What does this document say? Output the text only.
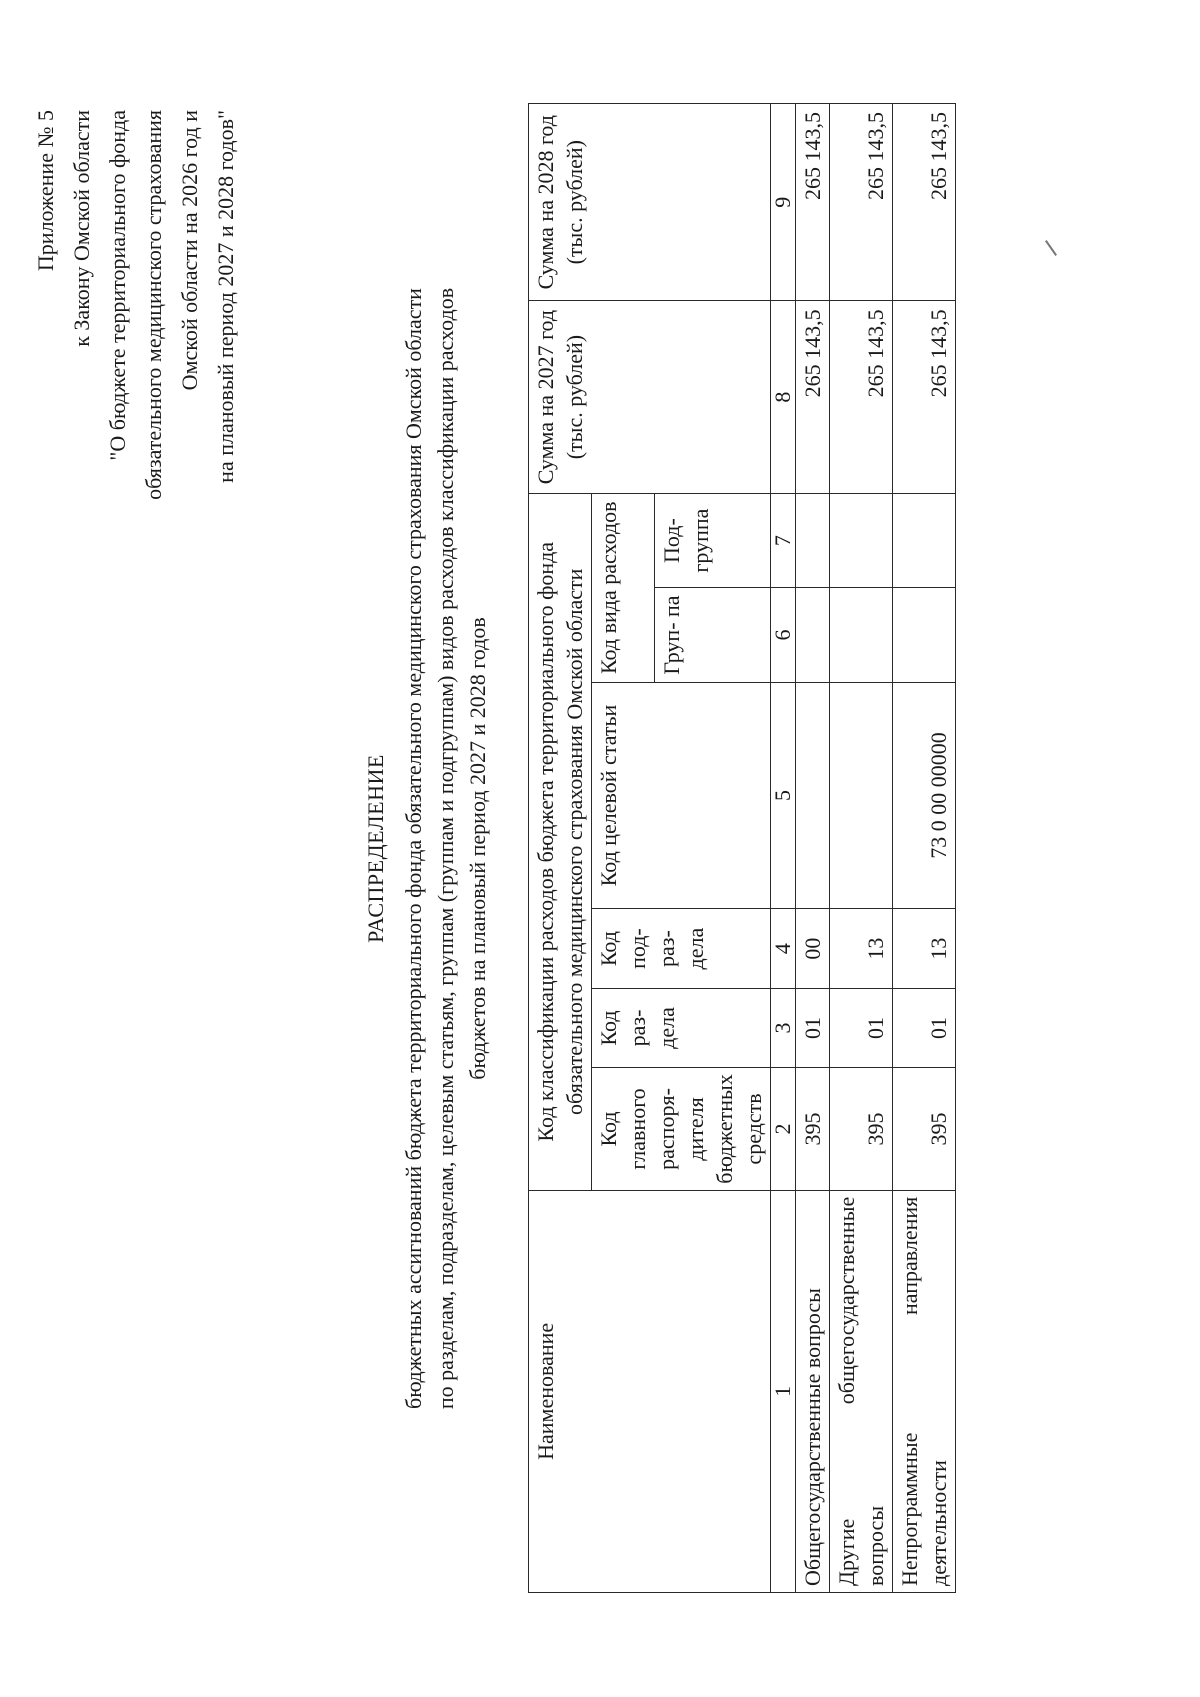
Приложение № 5 к Закону Омской области "О бюджете территориального фонда обязательного медицинского страхования Омской области на 2026 год и на плановый период 2027 и 2028 годов"
РАСПРЕДЕЛЕНИЕ бюджетных ассигнований бюджета территориального фонда обязательного медицинского страхования Омской области по разделам, подразделам, целевым статьям, группам (группам и подгруппам) видов расходов классификации расходов бюджетов на плановый период 2027 и 2028 годов
Наименование	Код классификации расходов бюджета территориального фонда обязательного медицинского страхования Омской области						Сумма на 2027 год (тыс. рублей)	Сумма на 2028 год (тыс. рублей)
	Код главного распоря- дителя бюджетных средств	Код раз- дела	Код под- раз- дела	Код целевой статьи	Код вида расходов			
					Груп- па	Под- группа		
1	2	3	4	5	6	7	8	9
Общегосударственные вопросы	395	01	00				265 143,5	265 143,5

Другие
общегосударственные
вопросы	395	01	13				265 143,5	265 143,5

Непрограммные
направления
деятельности	395	01	13	73 0 00 00000			265 143,5	265 143,5
